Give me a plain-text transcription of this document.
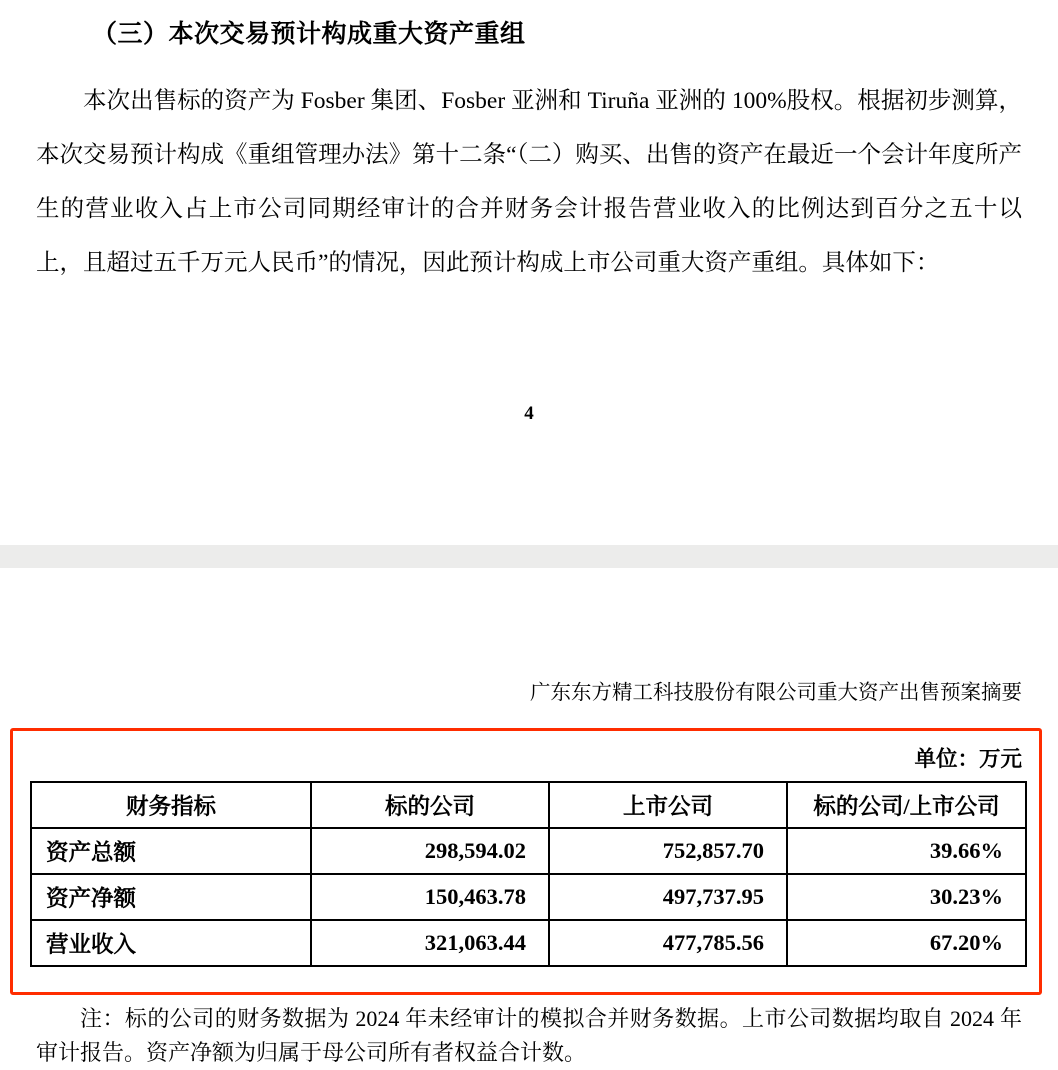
（三）本次交易预计构成重大资产重组
本次出售标的资产为 Fosber 集团、Fosber 亚洲和 Tiruña 亚洲的 100%股权。根据初步测算，本次交易预计构成《重组管理办法》第十二条“（二）购买、出售的资产在最近一个会计年度所产生的营业收入占上市公司同期经审计的合并财务会计报告营业收入的比例达到百分之五十以上，且超过五千万元人民币”的情况，因此预计构成上市公司重大资产重组。具体如下：
4
广东东方精工科技股份有限公司重大资产出售预案摘要
单位：万元
财务指标	标的公司	上市公司	标的公司/上市公司
资产总额	298,594.02	752,857.70	39.66%
资产净额	150,463.78	497,737.95	30.23%
营业收入	321,063.44	477,785.56	67.20%
注：标的公司的财务数据为 2024 年未经审计的模拟合并财务数据。上市公司数据均取自 2024 年审计报告。资产净额为归属于母公司所有者权益合计数。
